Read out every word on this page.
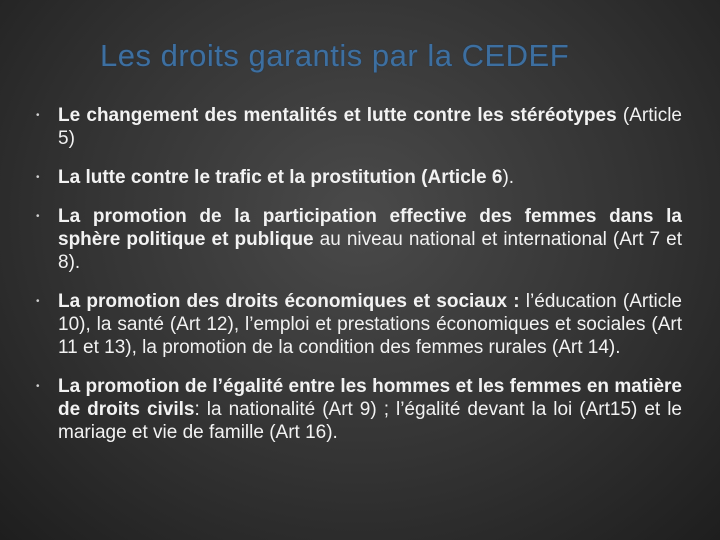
Les droits garantis par la CEDEF
• Le changement des mentalités et lutte contre les stéréotypes (Article 5)
• La lutte contre le trafic et la prostitution (Article 6).
• La promotion de la participation effective des femmes dans la sphère politique et publique au niveau national et international (Art 7 et 8).
• La promotion des droits économiques et sociaux : l’éducation (Article 10), la santé (Art 12), l’emploi et prestations économiques et sociales (Art 11 et 13), la promotion de la condition des femmes rurales (Art 14).
• La promotion de l’égalité entre les hommes et les femmes en matière de droits civils: la nationalité (Art 9) ; l’égalité devant la loi (Art15) et le mariage et vie de famille (Art 16).
